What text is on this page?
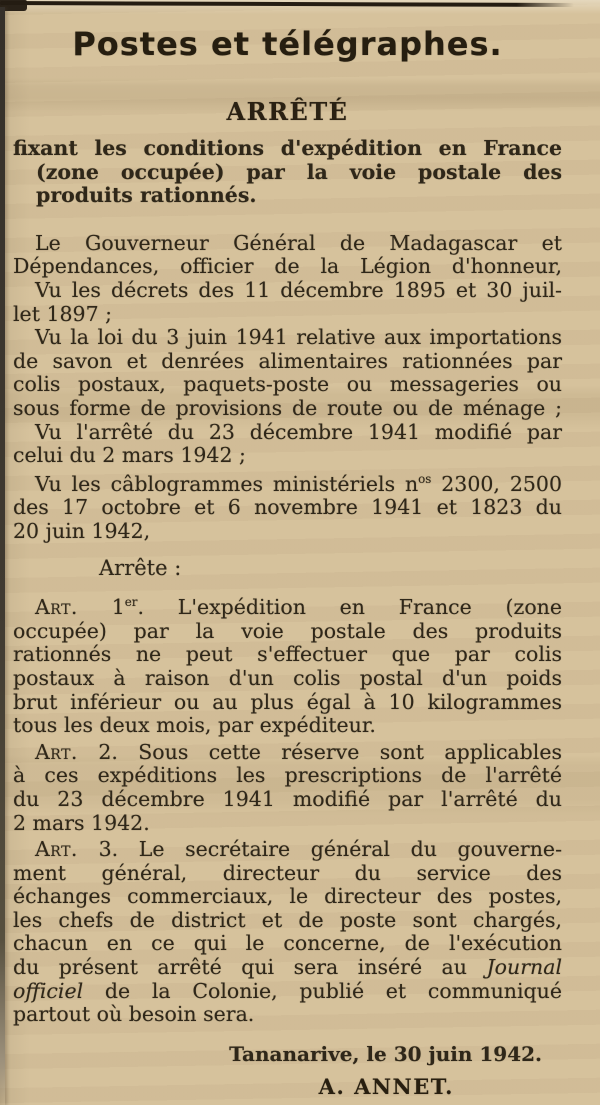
Postes et télégraphes.
ARRÊTÉ
fixant les conditions d'expédition en France
(zone occupée) par la voie postale des
produits rationnés.
Le Gouverneur Général de Madagascar et
Dépendances, officier de la Légion d'honneur,
Vu les décrets des 11 décembre 1895 et 30 juil-
let 1897 ;
Vu la loi du 3 juin 1941 relative aux importations
de savon et denrées alimentaires rationnées par
colis postaux, paquets-poste ou messageries ou
sous forme de provisions de route ou de ménage ;
Vu l'arrêté du 23 décembre 1941 modifié par
celui du 2 mars 1942 ;
Vu les câblogrammes ministériels $n^{os}$ 2300, 2500
des 17 octobre et 6 novembre 1941 et 1823 du
20 juin 1942,
Arrête :
Art. 1er. L'expédition en France (zone
occupée) par la voie postale des produits
rationnés ne peut s'effectuer que par colis
postaux à raison d'un colis postal d'un poids
brut inférieur ou au plus égal à 10 kilogrammes
tous les deux mois, par expéditeur.
Art. 2. Sous cette réserve sont applicables
à ces expéditions les prescriptions de l'arrêté
du 23 décembre 1941 modifié par l'arrêté du
2 mars 1942.
Art. 3. Le secrétaire général du gouverne-
ment général, directeur du service des
échanges commerciaux, le directeur des postes,
les chefs de district et de poste sont chargés,
chacun en ce qui le concerne, de l'exécution
du présent arrêté qui sera inséré au Journal
officiel de la Colonie, publié et communiqué
partout où besoin sera.
Tananarive, le 30 juin 1942.
A. ANNET.
